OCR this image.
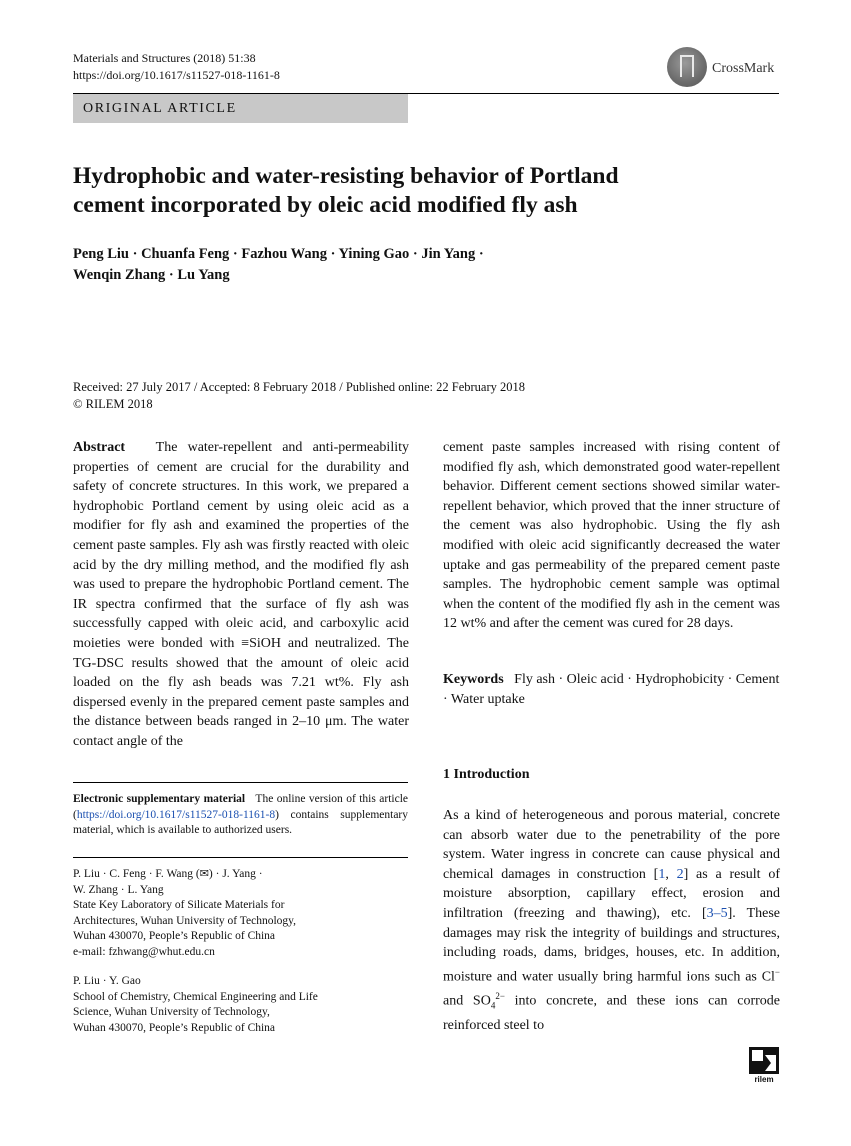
Materials and Structures (2018) 51:38
https://doi.org/10.1617/s11527-018-1161-8	CrossMark
ORIGINAL ARTICLE
Hydrophobic and water-resisting behavior of Portland
cement incorporated by oleic acid modified fly ash
Peng Liu · Chuanfa Feng · Fazhou Wang · Yining Gao · Jin Yang ·
Wenqin Zhang · Lu Yang
Received: 27 July 2017 / Accepted: 8 February 2018 / Published online: 22 February 2018
© RILEM 2018
Abstract The water-repellent and anti-permeability properties of cement are crucial for the durability and safety of concrete structures. In this work, we prepared a hydrophobic Portland cement by using oleic acid as a modifier for fly ash and examined the properties of the cement paste samples. Fly ash was firstly reacted with oleic acid by the dry milling method, and the modified fly ash was used to prepare the hydrophobic Portland cement. The IR spectra confirmed that the surface of fly ash was successfully capped with oleic acid, and carboxylic acid moieties were bonded with ≡SiOH and neutralized. The TG-DSC results showed that the amount of oleic acid loaded on the fly ash beads was 7.21 wt%. Fly ash dispersed evenly in the prepared cement paste samples and the distance between beads ranged in 2–10 μm. The water contact angle of the
cement paste samples increased with rising content of modified fly ash, which demonstrated good water-repellent behavior. Different cement sections showed similar water-repellent behavior, which proved that the inner structure of the cement was also hydrophobic. Using the fly ash modified with oleic acid significantly decreased the water uptake and gas permeability of the prepared cement paste samples. The hydrophobic cement sample was optimal when the content of the modified fly ash in the cement was 12 wt% and after the cement was cured for 28 days.
Keywords Fly ash · Oleic acid · Hydrophobicity · Cement · Water uptake
1 Introduction
As a kind of heterogeneous and porous material, concrete can absorb water due to the penetrability of the pore system. Water ingress in concrete can cause physical and chemical damages in construction [1, 2] as a result of moisture absorption, capillary effect, erosion and infiltration (freezing and thawing), etc. [3–5]. These damages may risk the integrity of buildings and structures, including roads, dams, bridges, houses, etc. In addition, moisture and water usually bring harmful ions such as Cl− and $SO_4^{2-}$ into concrete, and these ions can corrode reinforced steel to
Electronic supplementary material The online version of this article (https://doi.org/10.1617/s11527-018-1161-8) contains supplementary material, which is available to authorized users.
P. Liu · C. Feng · F. Wang (✉) · J. Yang ·
W. Zhang · L. Yang
State Key Laboratory of Silicate Materials for
Architectures, Wuhan University of Technology,
Wuhan 430070, People’s Republic of China
e-mail: fzhwang@whut.edu.cn
P. Liu · Y. Gao
School of Chemistry, Chemical Engineering and Life
Science, Wuhan University of Technology,
Wuhan 430070, People’s Republic of China
rilem
